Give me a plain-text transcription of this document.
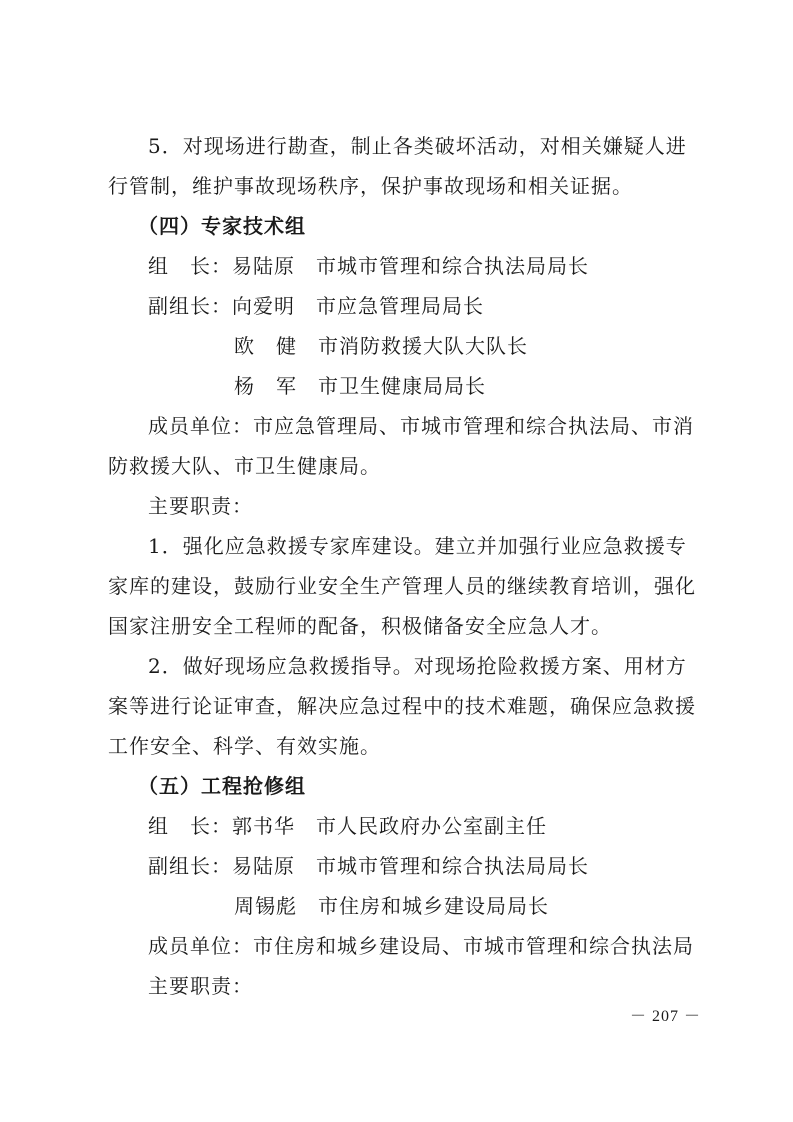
5．对现场进行勘查，制止各类破坏活动，对相关嫌疑人进
行管制，维护事故现场秩序，保护事故现场和相关证据。
（四）专家技术组
组　长：易陆原　市城市管理和综合执法局局长
副组长：向爱明　市应急管理局局长
欧　健　市消防救援大队大队长
杨　军　市卫生健康局局长
成员单位：市应急管理局、市城市管理和综合执法局、市消
防救援大队、市卫生健康局。
主要职责：
1．强化应急救援专家库建设。建立并加强行业应急救援专
家库的建设，鼓励行业安全生产管理人员的继续教育培训，强化
国家注册安全工程师的配备，积极储备安全应急人才。
2．做好现场应急救援指导。对现场抢险救援方案、用材方
案等进行论证审查，解决应急过程中的技术难题，确保应急救援
工作安全、科学、有效实施。
（五）工程抢修组
组　长：郭书华　市人民政府办公室副主任
副组长：易陆原　市城市管理和综合执法局局长
周锡彪　市住房和城乡建设局局长
成员单位：市住房和城乡建设局、市城市管理和综合执法局
主要职责：
－ 207 －
